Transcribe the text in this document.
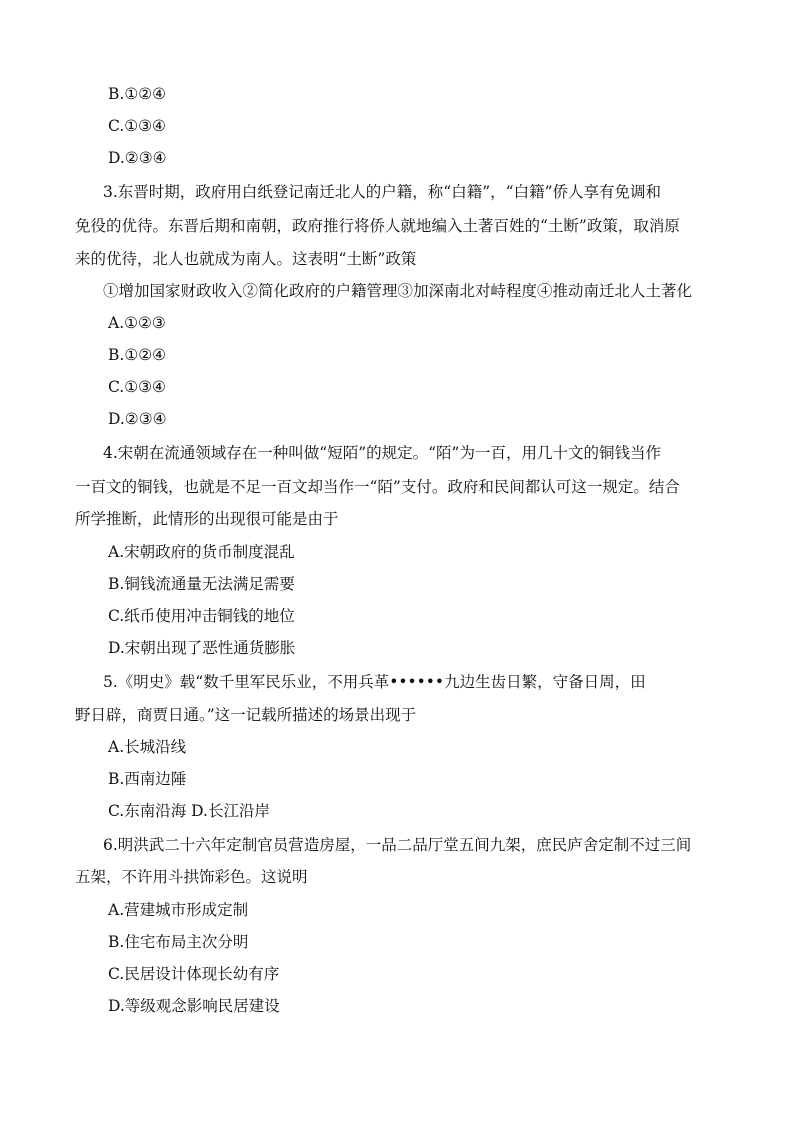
B.①②④
C.①③④
D.②③④
3.东晋时期，政府用白纸登记南迁北人的户籍，称“白籍”，“白籍”侨人享有免调和
免役的优待。东晋后期和南朝，政府推行将侨人就地编入土著百姓的“土断”政策，取消原
来的优待，北人也就成为南人。这表明“土断”政策
①增加国家财政收入②简化政府的户籍管理③加深南北对峙程度④推动南迁北人土著化
A.①②③
B.①②④
C.①③④
D.②③④
4.宋朝在流通领域存在一种叫做“短陌”的规定。“陌”为一百，用几十文的铜钱当作
一百文的铜钱，也就是不足一百文却当作一“陌”支付。政府和民间都认可这一规定。结合
所学推断，此情形的出现很可能是由于
A.宋朝政府的货币制度混乱
B.铜钱流通量无法满足需要
C.纸币使用冲击铜钱的地位
D.宋朝出现了恶性通货膨胀
5.《明史》载“数千里军民乐业，不用兵革••••••九边生齿日繁，守备日周，田
野日辟，商贾日通。”这一记载所描述的场景出现于
A.长城沿线
B.西南边陲
C.东南沿海 D.长江沿岸
6.明洪武二十六年定制官员营造房屋，一品二品厅堂五间九架，庶民庐舍定制不过三间
五架，不许用斗拱饰彩色。这说明
A.营建城市形成定制
B.住宅布局主次分明
C.民居设计体现长幼有序
D.等级观念影响民居建设
